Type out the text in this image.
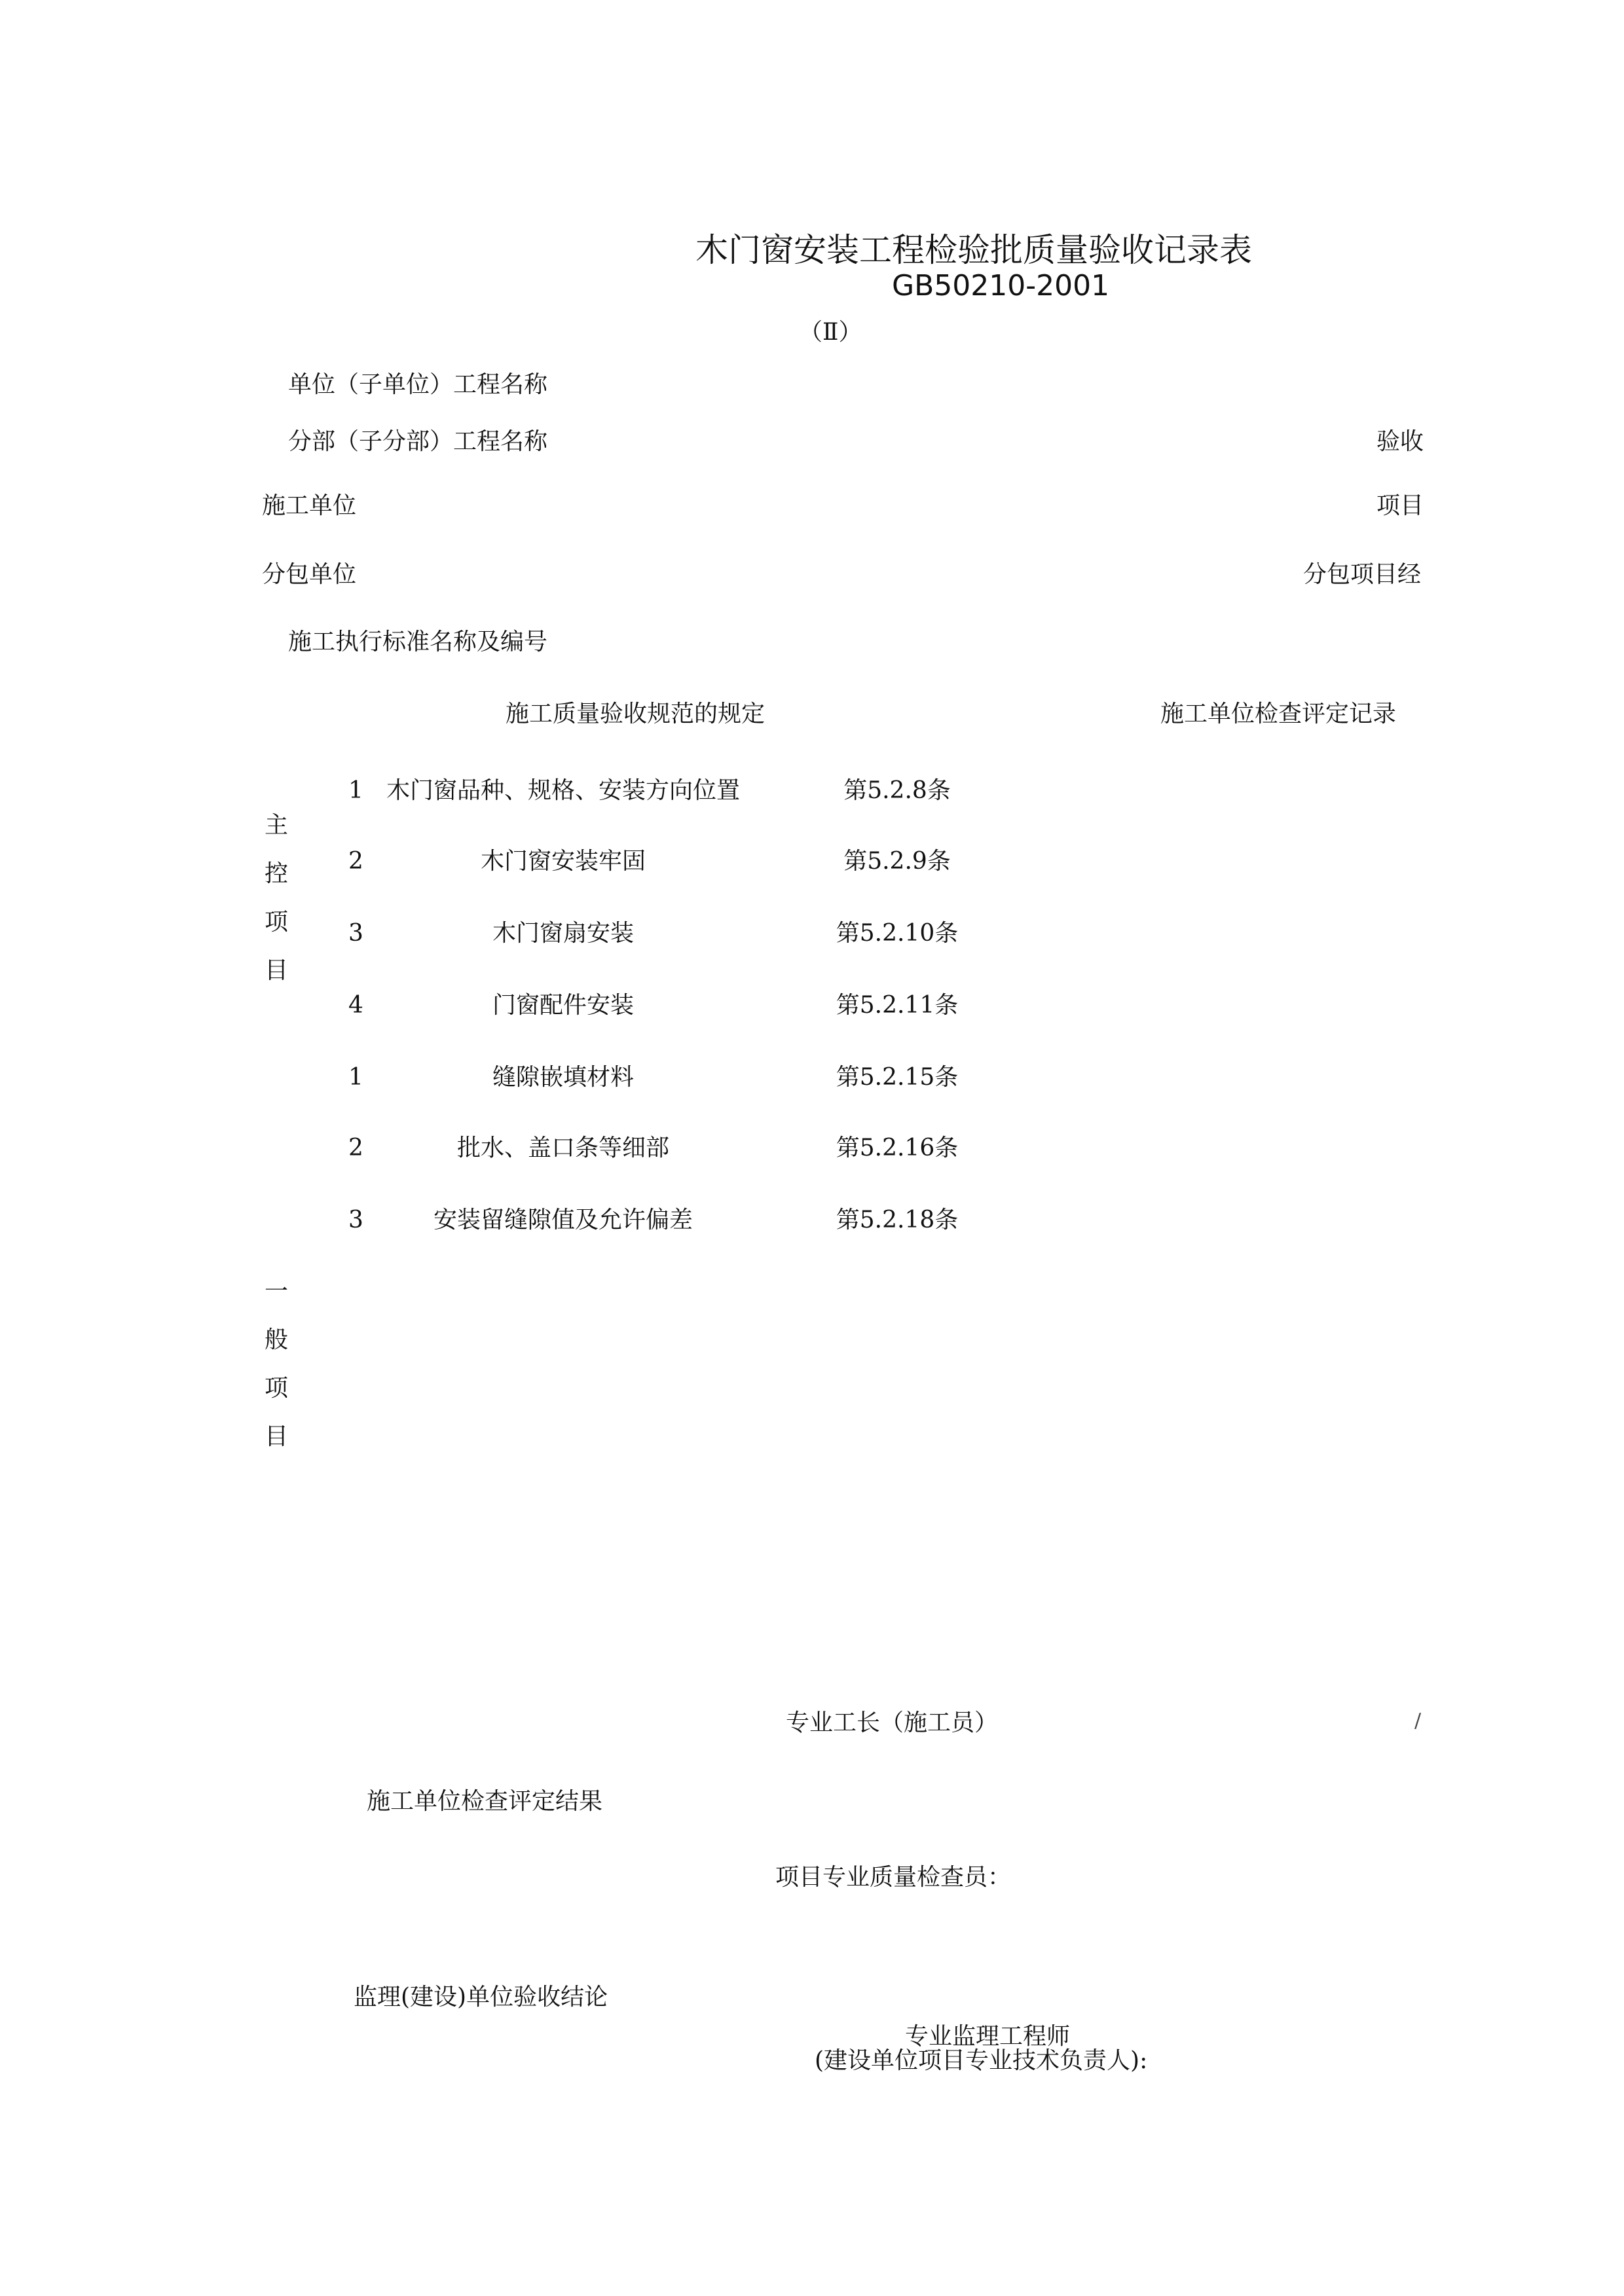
木门窗安装工程检验批质量验收记录表
GB50210-2001
（Ⅱ）
单位（子单位）工程名称
分部（子分部）工程名称	验收
施工单位	项目
分包单位	分包项目经
施工执行标准名称及编号
施工质量验收规范的规定	施工单位检查评定记录
主
控
项
目
1 木门窗品种、规格、安装方向位置	第5.2.8条
2	木门窗安装牢固	第5.2.9条
3	木门窗扇安装	第5.2.10条
4	门窗配件安装	第5.2.11条
1	缝隙嵌填材料	第5.2.15条
2	批水、盖口条等细部	第5.2.16条
3	安装留缝隙值及允许偏差	第5.2.18条
一
般
项
目
专业工长（施工员）	/
施工单位检查评定结果
项目专业质量检查员：
监理(建设)单位验收结论
专业监理工程师
(建设单位项目专业技术负责人):
